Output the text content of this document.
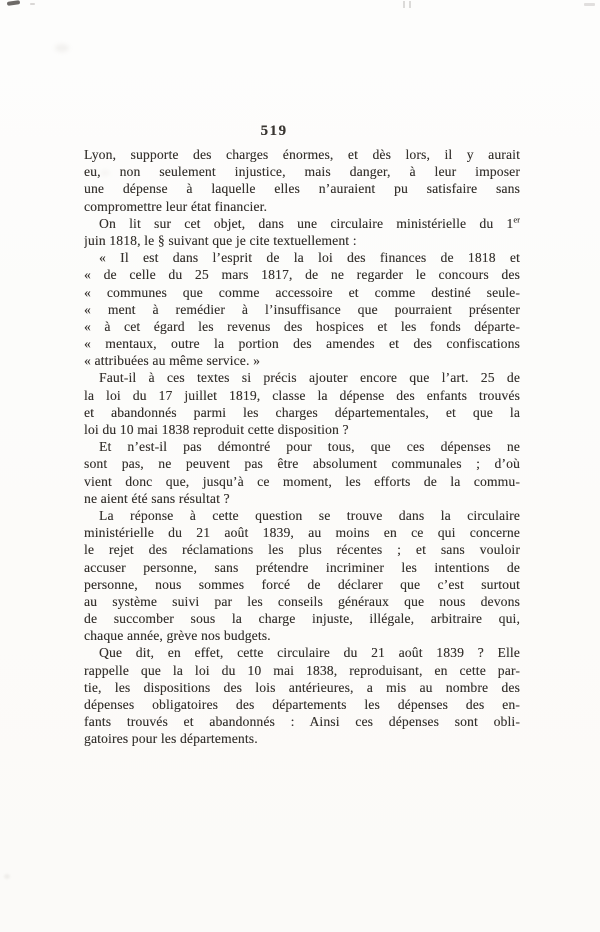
519
Lyon, supporte des charges énormes, et dès lors, il y aurait
eu, non seulement injustice, mais danger, à leur imposer
une dépense à laquelle elles n’auraient pu satisfaire sans
compromettre leur état financier.
On lit sur cet objet, dans une circulaire ministérielle du 1er
juin 1818, le § suivant que je cite textuellement :
« Il est dans l’esprit de la loi des finances de 1818 et
« de celle du 25 mars 1817, de ne regarder le concours des
« communes que comme accessoire et comme destiné seule-
« ment à remédier à l’insuffisance que pourraient présenter
« à cet égard les revenus des hospices et les fonds départe-
« mentaux, outre la portion des amendes et des confiscations
« attribuées au même service. »
Faut-il à ces textes si précis ajouter encore que l’art. 25 de
la loi du 17 juillet 1819, classe la dépense des enfants trouvés
et abandonnés parmi les charges départementales, et que la
loi du 10 mai 1838 reproduit cette disposition ?
Et n’est-il pas démontré pour tous, que ces dépenses ne
sont pas, ne peuvent pas être absolument communales ; d’où
vient donc que, jusqu’à ce moment, les efforts de la commu-
ne aient été sans résultat ?
La réponse à cette question se trouve dans la circulaire
ministérielle du 21 août 1839, au moins en ce qui concerne
le rejet des réclamations les plus récentes ; et sans vouloir
accuser personne, sans prétendre incriminer les intentions de
personne, nous sommes forcé de déclarer que c’est surtout
au système suivi par les conseils généraux que nous devons
de succomber sous la charge injuste, illégale, arbitraire qui,
chaque année, grève nos budgets.
Que dit, en effet, cette circulaire du 21 août 1839 ? Elle
rappelle que la loi du 10 mai 1838, reproduisant, en cette par-
tie, les dispositions des lois antérieures, a mis au nombre des
dépenses obligatoires des départements les dépenses des en-
fants trouvés et abandonnés : Ainsi ces dépenses sont obli-
gatoires pour les départements.
